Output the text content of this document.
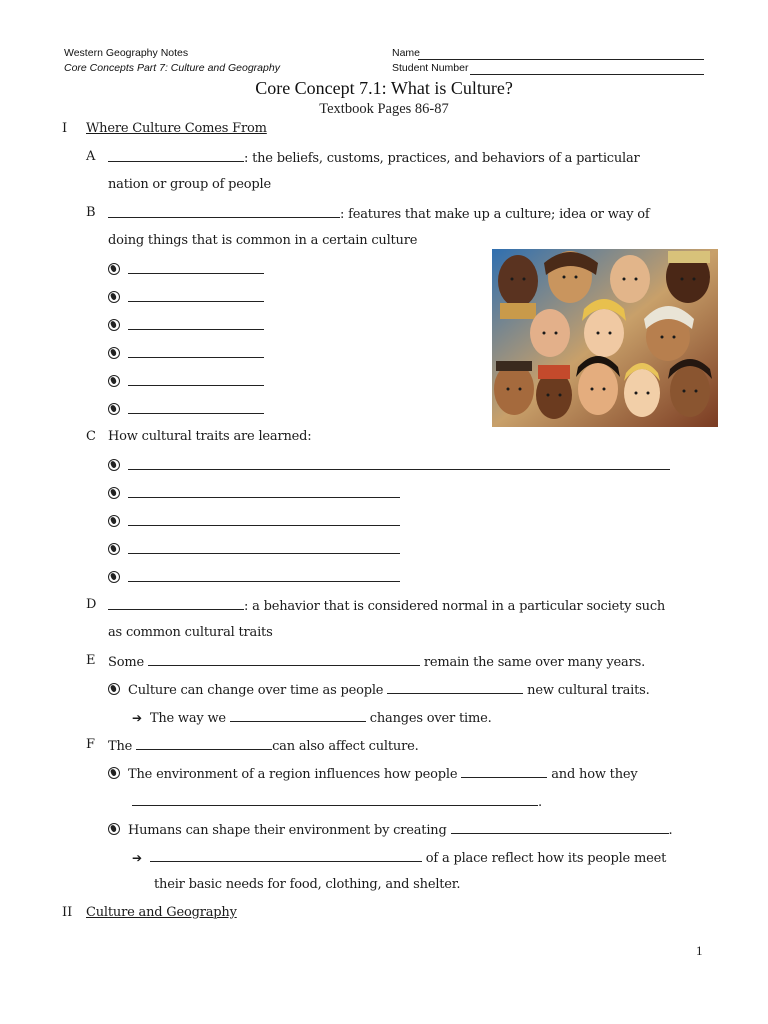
Western Geography Notes
Core Concepts Part 7: Culture and Geography
Name
Student Number
Core Concept 7.1: What is Culture?
Textbook Pages 86-87
I Where Culture Comes From
A	: the beliefs, customs, practices, and behaviors of a particular
nation or group of people
B	: features that make up a culture; idea or way of
doing things that is common in a certain culture
C How cultural traits are learned:
D	: a behavior that is considered normal in a particular society such
as common cultural traits
E Some	remain the same over many years.
Culture can change over time as people	new cultural traits.
➔ The way we	changes over time.
F The	can also affect culture.
The environment of a region influences how people	and how they
.
Humans can shape their environment by creating	.
➔	of a place reflect how its people meet
their basic needs for food, clothing, and shelter.
II Culture and Geography
1
